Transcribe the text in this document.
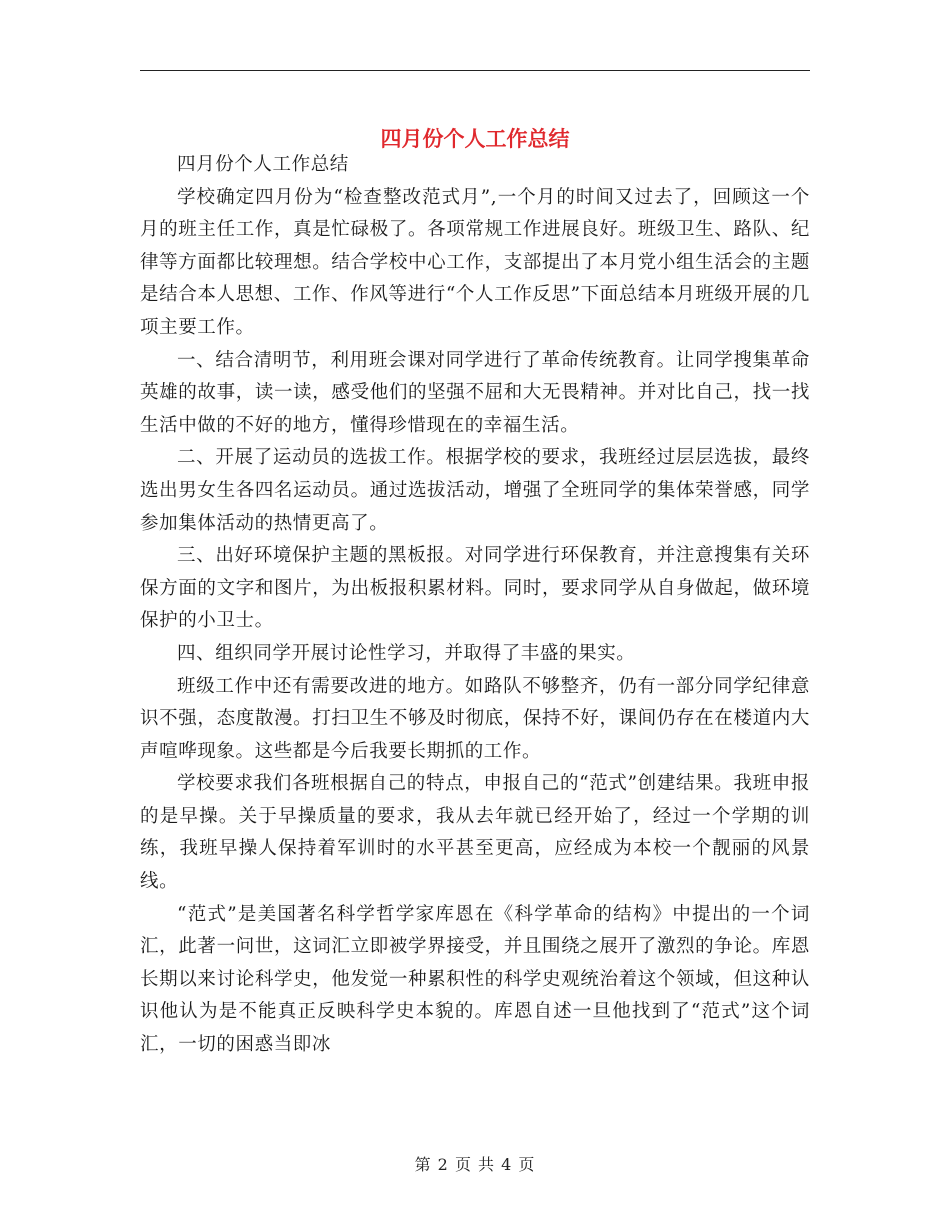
四月份个人工作总结

四月份个人工作总结

学校确定四月份为“检查整改范式月”,一个月的时间又过去了，回顾这一个月的班主任工作，真是忙碌极了。各项常规工作进展良好。班级卫生、路队、纪律等方面都比较理想。结合学校中心工作，支部提出了本月党小组生活会的主题是结合本人思想、工作、作风等进行“个人工作反思”下面总结本月班级开展的几项主要工作。

一、结合清明节，利用班会课对同学进行了革命传统教育。让同学搜集革命英雄的故事，读一读，感受他们的坚强不屈和大无畏精神。并对比自己，找一找生活中做的不好的地方，懂得珍惜现在的幸福生活。

二、开展了运动员的选拔工作。根据学校的要求，我班经过层层选拔，最终选出男女生各四名运动员。通过选拔活动，增强了全班同学的集体荣誉感，同学参加集体活动的热情更高了。

三、出好环境保护主题的黑板报。对同学进行环保教育，并注意搜集有关环保方面的文字和图片，为出板报积累材料。同时，要求同学从自身做起，做环境保护的小卫士。

四、组织同学开展讨论性学习，并取得了丰盛的果实。

班级工作中还有需要改进的地方。如路队不够整齐，仍有一部分同学纪律意识不强，态度散漫。打扫卫生不够及时彻底，保持不好，课间仍存在在楼道内大声喧哗现象。这些都是今后我要长期抓的工作。

学校要求我们各班根据自己的特点，申报自己的“范式”创建结果。我班申报的是早操。关于早操质量的要求，我从去年就已经开始了，经过一个学期的训练，我班早操人保持着军训时的水平甚至更高，应经成为本校一个靓丽的风景线。

“范式”是美国著名科学哲学家库恩在《科学革命的结构》中提出的一个词汇，此著一问世，这词汇立即被学界接受，并且围绕之展开了激烈的争论。库恩长期以来讨论科学史，他发觉一种累积性的科学史观统治着这个领域，但这种认识他认为是不能真正反映科学史本貌的。库恩自述一旦他找到了“范式”这个词汇，一切的困惑当即冰

第 2 页 共 4 页
